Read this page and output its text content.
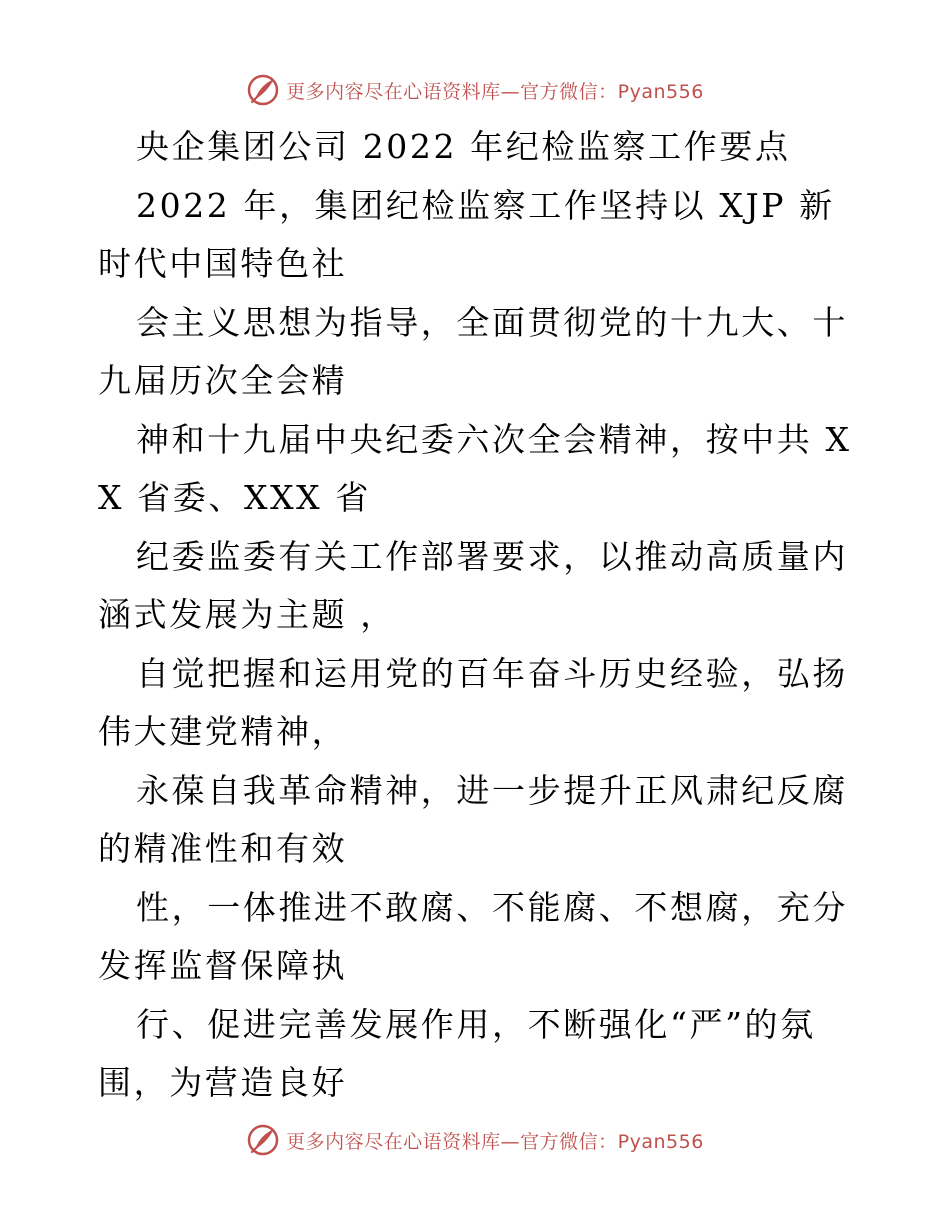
更多内容尽在心语资料库—官方微信：Pyan556

央企集团公司 2022 年纪检监察工作要点

2022 年，集团纪检监察工作坚持以 XJP 新时代中国特色社

会主义思想为指导，全面贯彻党的十九大、十九届历次全会精

神和十九届中央纪委六次全会精神，按中共 XX 省委、XXX 省

纪委监委有关工作部署要求，以推动高质量内涵式发展为主题 ，

自觉把握和运用党的百年奋斗历史经验，弘扬伟大建党精神，

永葆自我革命精神，进一步提升正风肃纪反腐的精准性和有效

性，一体推进不敢腐、不能腐、不想腐，充分发挥监督保障执

行、促进完善发展作用，不断强化“严”的氛围，为营造良好

更多内容尽在心语资料库—官方微信：Pyan556
